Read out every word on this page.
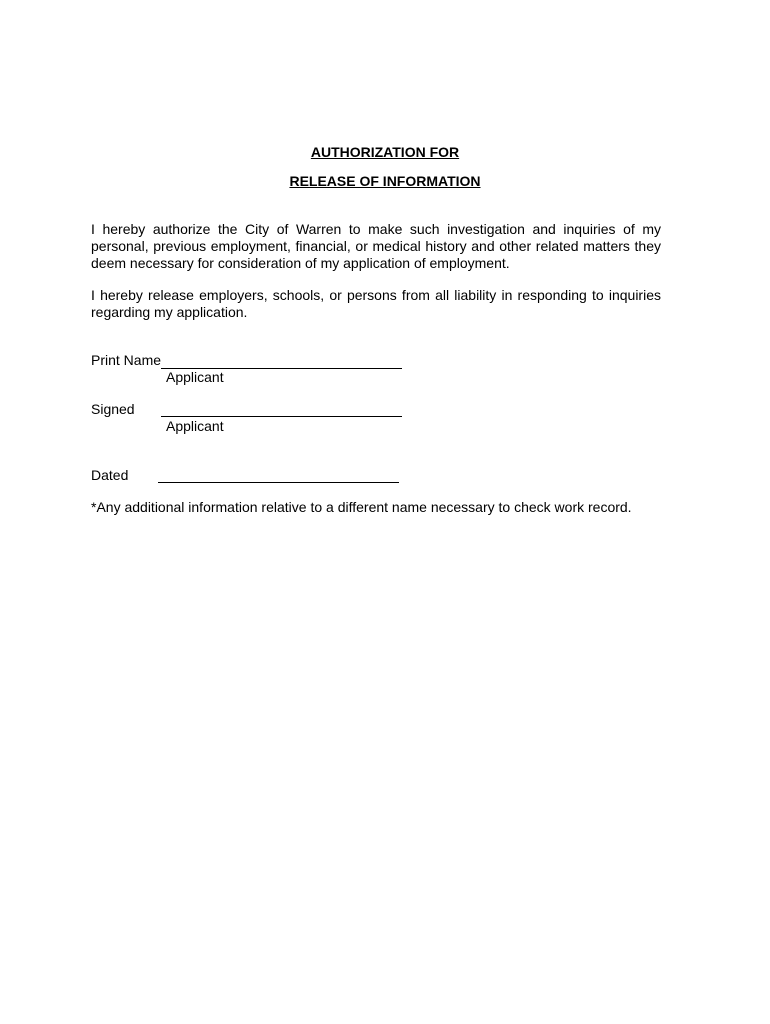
AUTHORIZATION FOR
RELEASE OF INFORMATION

I hereby authorize the City of Warren to make such investigation and inquiries of my personal, previous employment, financial, or medical history and other related matters they deem necessary for consideration of my application of employment.

I hereby release employers, schools, or persons from all liability in responding to inquiries regarding my application.

Print Name
Applicant
Signed
Applicant
Dated

*Any additional information relative to a different name necessary to check work record.
